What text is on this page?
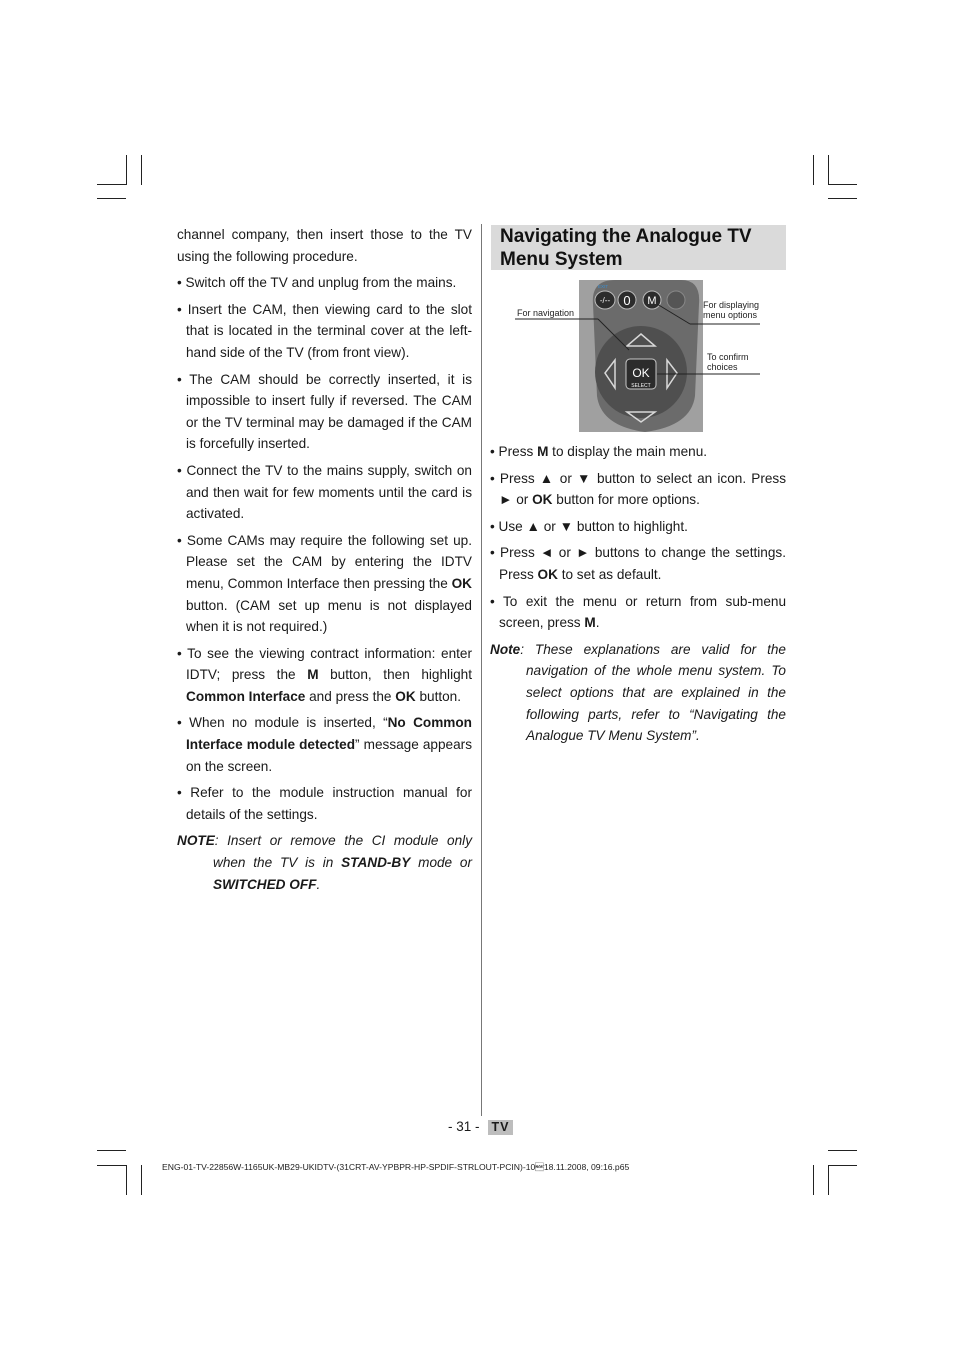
channel company, then insert those to the TV using the following procedure.

• Switch off the TV and unplug from the mains.

• Insert the CAM, then viewing card to the slot that is located in the terminal cover at the left-hand side of the TV (from front view).

• The CAM should be correctly inserted, it is impossible to insert fully if reversed. The CAM or the TV terminal may be damaged if the CAM is forcefully inserted.

• Connect the TV to the mains supply, switch on and then wait for few moments until the card is activated.

• Some CAMs may require the following set up. Please set the CAM by entering the IDTV menu, Common Interface then pressing the OK button. (CAM set up menu is not displayed when it is not required.)

• To see the viewing contract information: enter IDTV; press the M button, then highlight Common Interface and press the OK button.

• When no module is inserted, “No Common Interface module detected” message appears on the screen.

• Refer to the module instruction manual for details of the settings.

NOTE: Insert or remove the CI module only when the TV is in STAND-BY mode or SWITCHED OFF.

Navigating the Analogue TV Menu System
OK
SELECT
EXIT
-/-- 0 M
For navigation
For displaying
menu options
To confirm
choices

• Press M to display the main menu.

• Press ▲ or ▼ button to select an icon. Press ► or OK button for more options.

• Use ▲ or ▼ button to highlight.

• Press ◄ or ► buttons to change the settings. Press OK to set as default.

• To exit the menu or return from sub-menu screen, press M.

Note: These explanations are valid for the navigation of the whole menu system. To select options that are explained in the following parts, refer to “Navigating the Analogue TV Menu System”.

- 31 - TV
ENG-01-TV-22856W-1165UK-MB29-UKIDTV-(31CRT-AV-YPBPR-HP-SPDIF-STRLOUT-PCIN)-1018.11.2008, 09:16.p65
